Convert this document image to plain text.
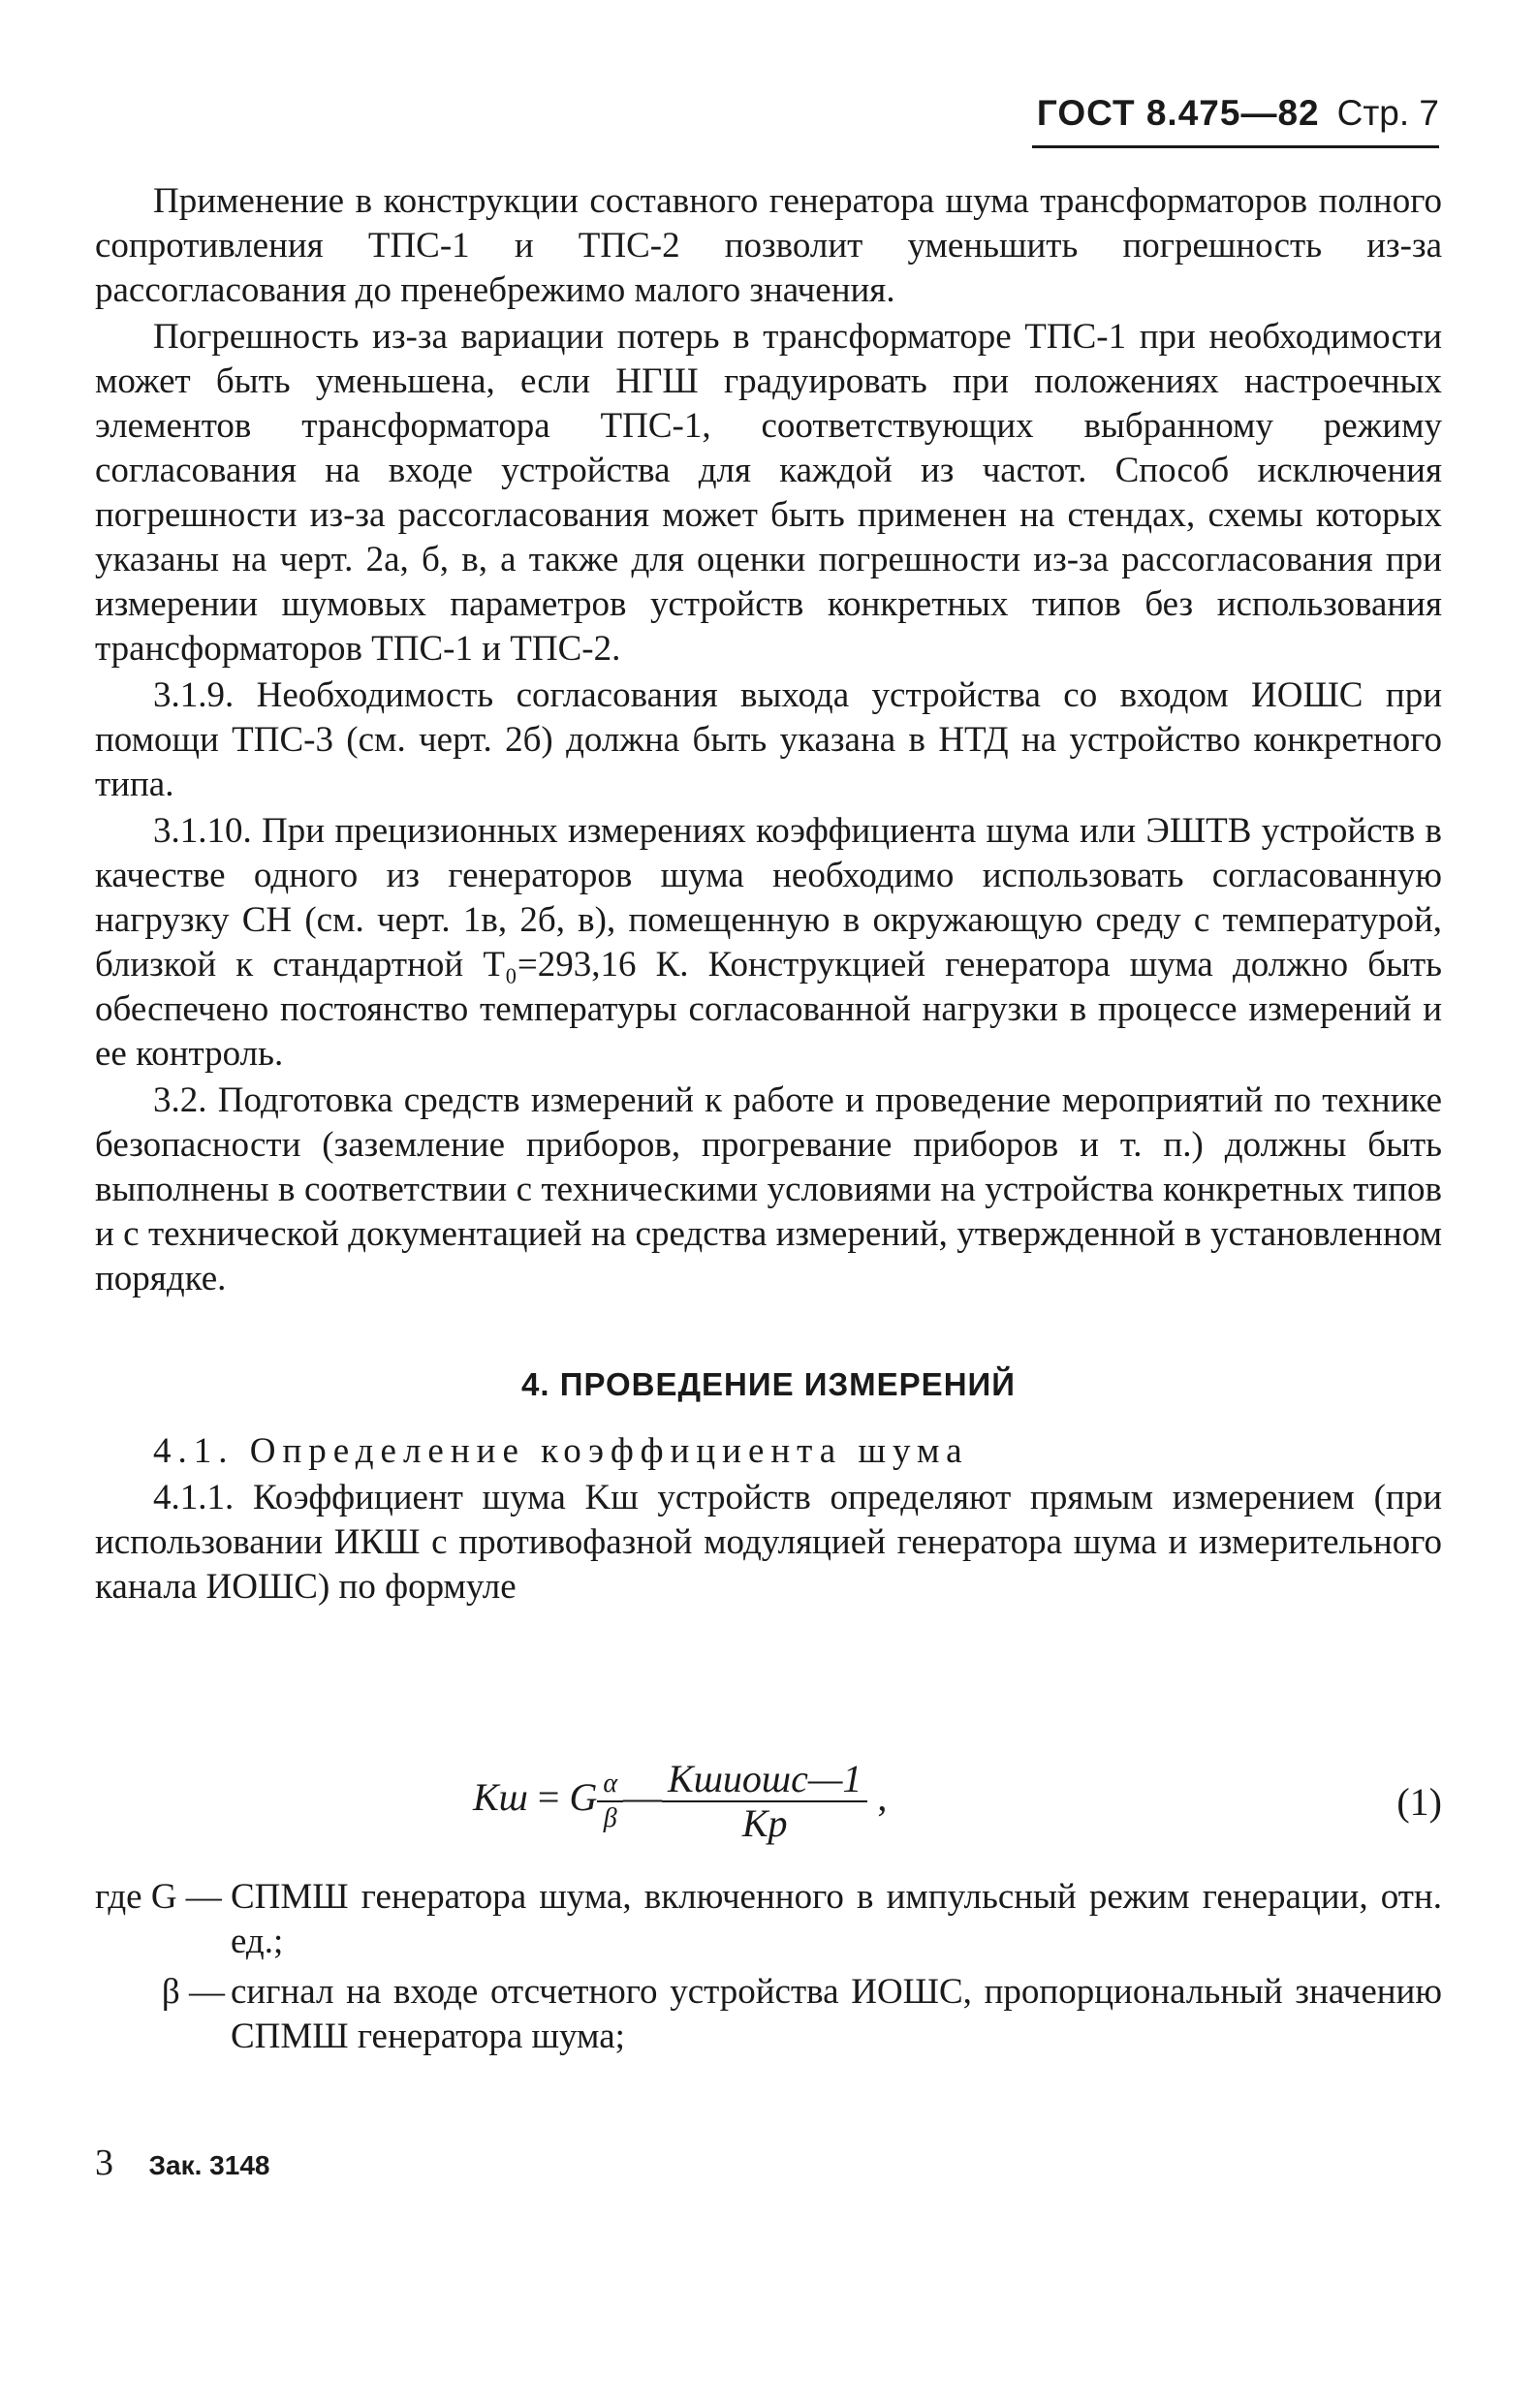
ГОСТ 8.475—82 Стр. 7

Применение в конструкции составного генератора шума трансформаторов полного сопротивления ТПС-1 и ТПС-2 позволит уменьшить погрешность из-за рассогласования до пренебрежимо малого значения.

Погрешность из-за вариации потерь в трансформаторе ТПС-1 при необходимости может быть уменьшена, если НГШ градуировать при положениях настроечных элементов трансформатора ТПС-1, соответствующих выбранному режиму согласования на входе устройства для каждой из частот. Способ исключения погрешности из-за рассогласования может быть применен на стендах, схемы которых указаны на черт. 2а, б, в, а также для оценки погрешности из-за рассогласования при измерении шумовых параметров устройств конкретных типов без использования трансформаторов ТПС-1 и ТПС-2.

3.1.9. Необходимость согласования выхода устройства со входом ИОШС при помощи ТПС-3 (см. черт. 2б) должна быть указана в НТД на устройство конкретного типа.

3.1.10. При прецизионных измерениях коэффициента шума или ЭШТВ устройств в качестве одного из генераторов шума необходимо использовать согласованную нагрузку СН (см. черт. 1в, 2б, в), помещенную в окружающую среду с температурой, близкой к стандартной T₀=293,16 К. Конструкцией генератора шума должно быть обеспечено постоянство температуры согласованной нагрузки в процессе измерений и ее контроль.

3.2. Подготовка средств измерений к работе и проведение мероприятий по технике безопасности (заземление приборов, прогревание приборов и т. п.) должны быть выполнены в соответствии с техническими условиями на устройства конкретных типов и с технической документацией на средства измерений, утвержденной в установленном порядке.

4. ПРОВЕДЕНИЕ ИЗМЕРЕНИЙ

4.1. Определение коэффициента шума

4.1.1. Коэффициент шума Kш устройств определяют прямым измерением (при использовании ИКШ с противофазной модуляцией генератора шума и измерительного канала ИОШС) по формуле

Kш = G $\frac{\alpha}{\beta}$ — $\frac{\text{Kшиошс—1}}{Kр}$ ,	(1)
где G — СПМШ генератора шума, включенного в импульсный режим генерации, отн. ед.;
β — сигнал на входе отсчетного устройства ИОШС, пропорциональный значению СПМШ генератора шума;
3 Зак. 3148
